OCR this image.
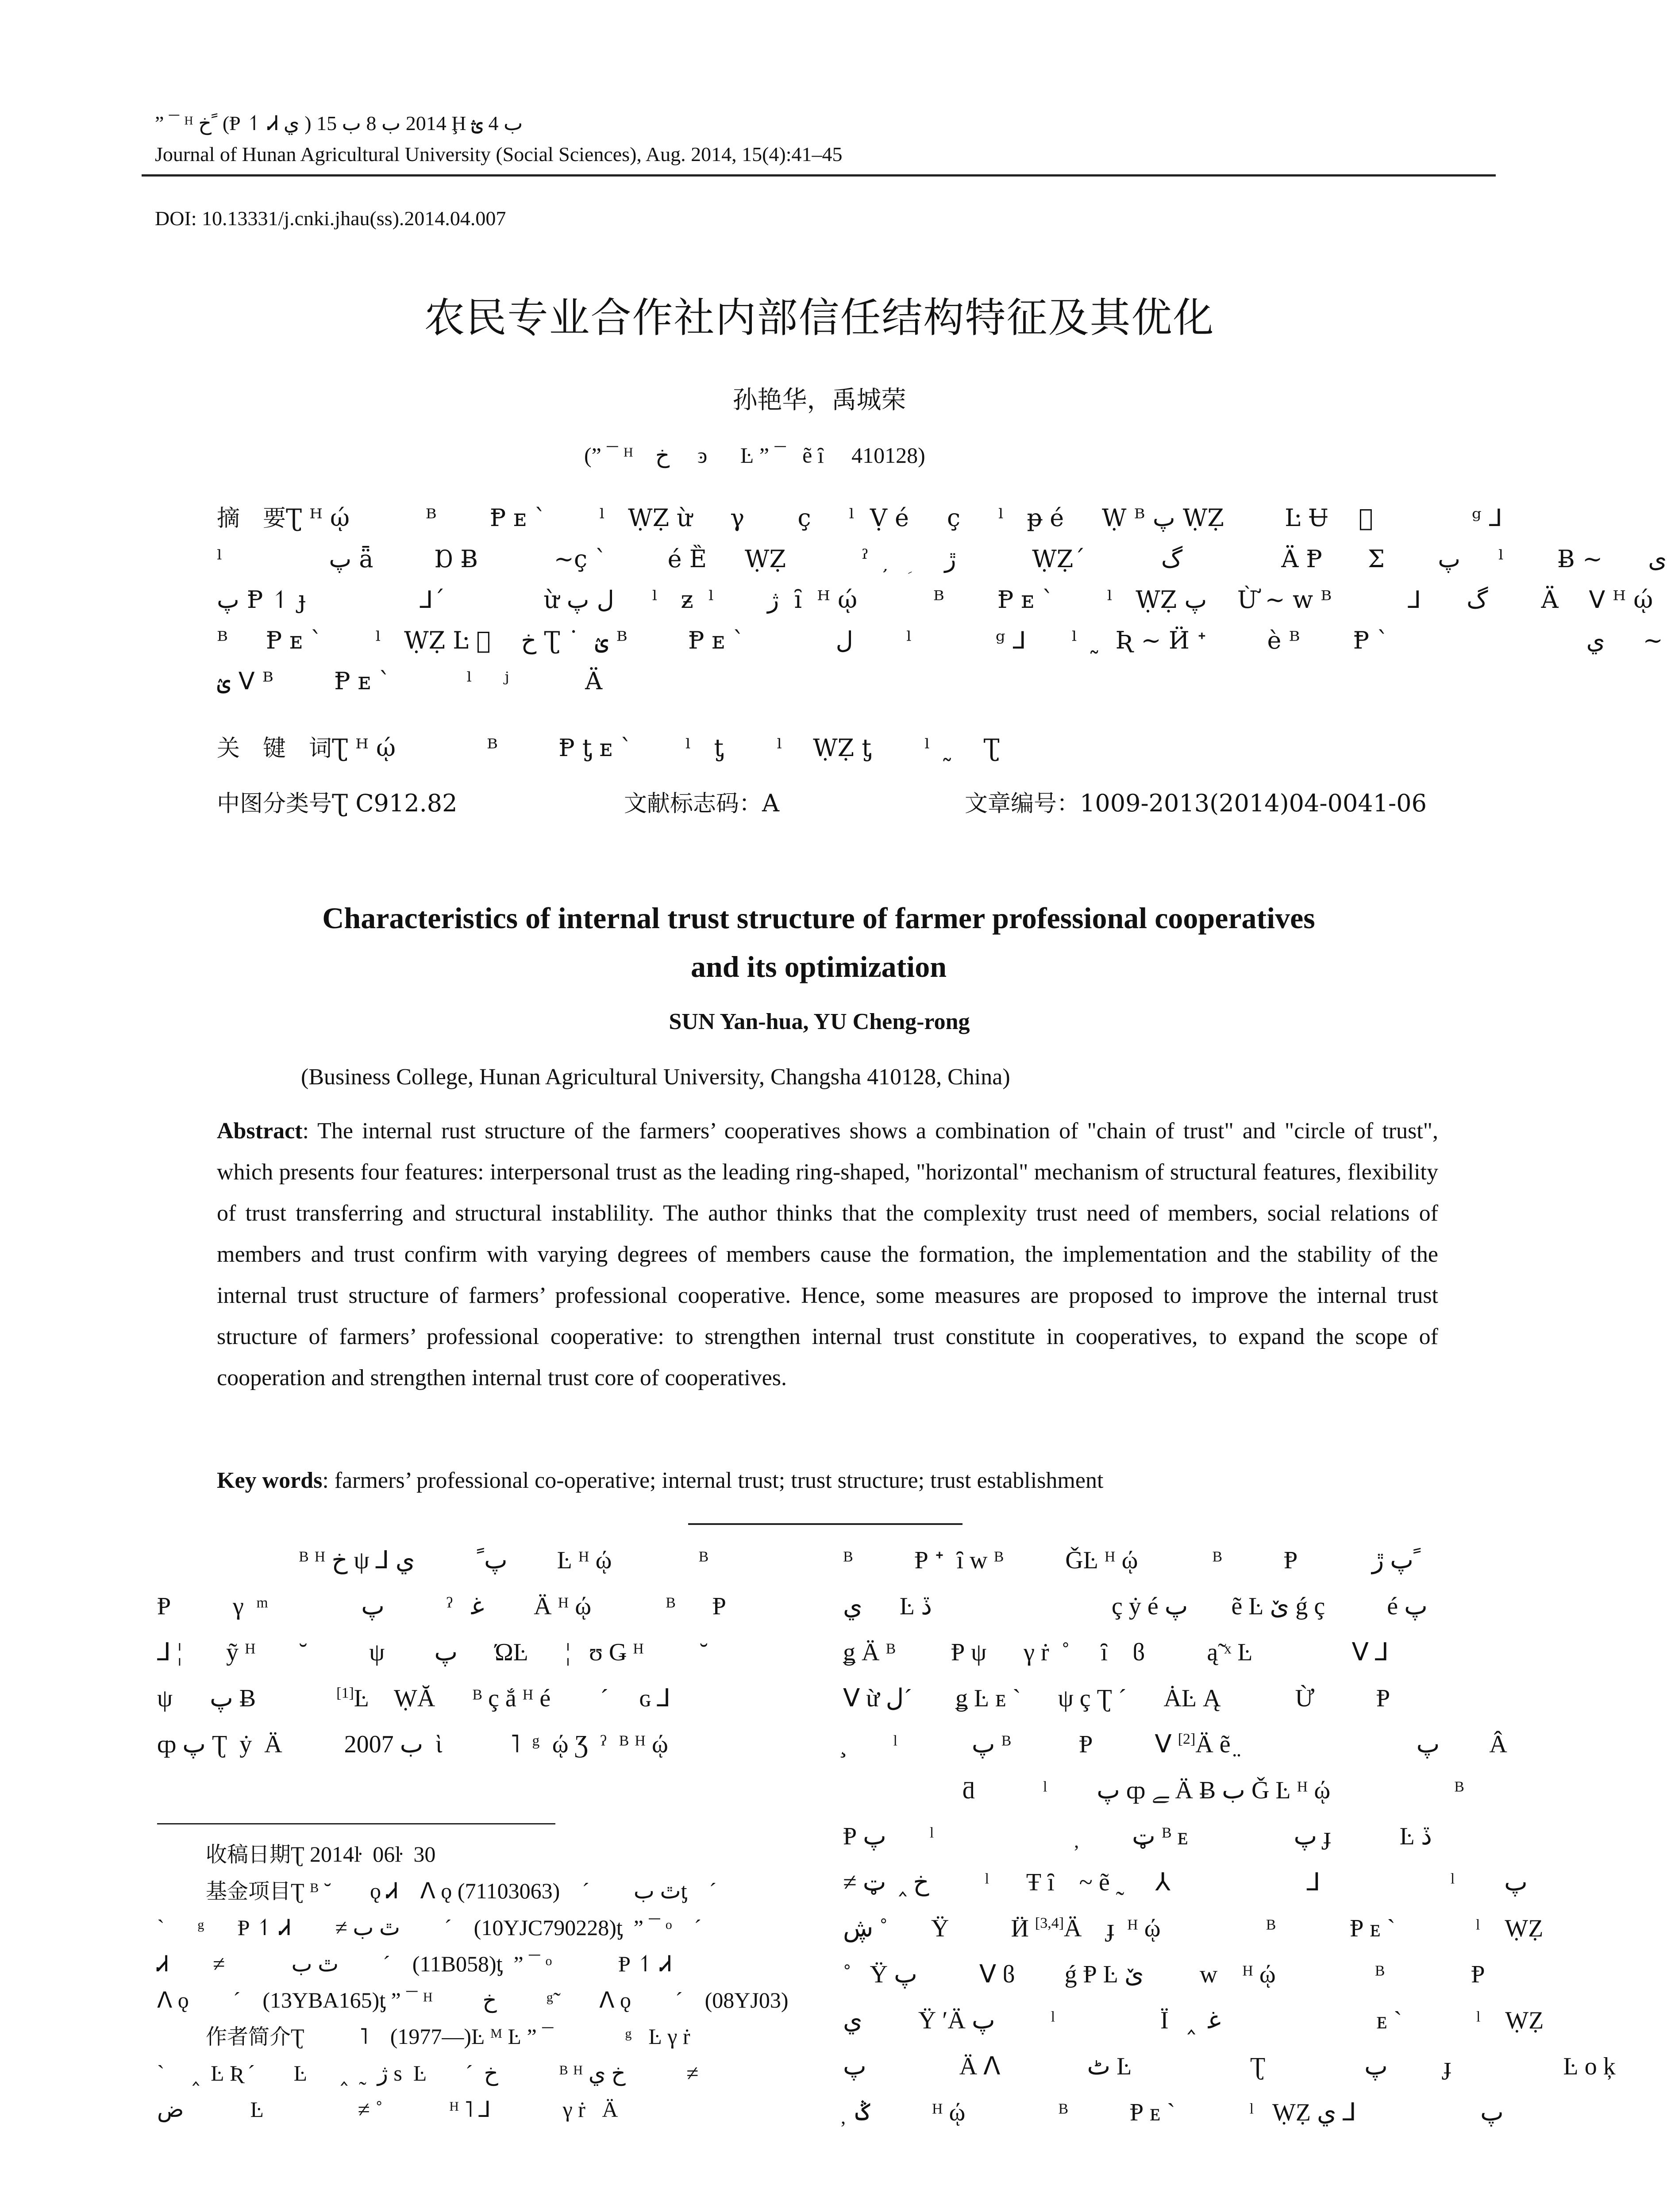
” ¯ ᴴ خ ً (Ᵽ ↿ Ꮧ ي ) 2014 ب 8 ب 15 Ḩ ب 4 ؿ
Journal of Hunan Agricultural University (Social Sciences), Aug. 2014, 15(4):41–45
DOI: 10.13331/j.cnki.jhau(ss).2014.04.007
农民专业合作社内部信任结构特征及其优化
孙艳华，禹城荣
(” ¯ ᴴ    خ     ͽ      Ŀ ” ¯   ẽ ȋ     410128)
摘　要Ʈ ᴴ ῴ          ᴮ       Ᵽ ᴇ ˋ       ˡ   ẈẒ ừ     γ       ç     ˡ  Ṿ é     ç     ˡ   ᵽ é     Ẉ ᴮ پ ẈẒ        Ŀ Ʉ    ⃞             ᵍ ⅃
ˡ              پ ǟ        Ɒ Ƀ          ~ç ˋ        é Ȅ     ẈẒ          ˀ   ̦  ؚ     ڙ          ẈẒ´          گ             Ä Ᵽ      Σ       پ     ˡ       Ƀ ~      ی
پ Ᵽ ↿ ɟ               ⅃´             ừ ل پ     ˡ   ƶ  ˡ       ژ  ȋ  ᴴ ῴ          ᴮ       Ᵽ ᴇ ˋ       ˡ   ẈẒ پ    Ừ ~ ᴡ ᴮ          ⅃      گ       Ä    ᐯ ᴴ ῴ
ᴮ     Ᵽ ᴇ ˋ       ˡ   ẈẒ Ŀ ⃞    خ Ʈ ˙  ؽ ᴮ        Ᵽ ᴇ ˋ            ل       ˡ           ᵍ ⅃      ˡ   ̰  Ʀ ~ Ӥ ᐩ        è ᴮ       Ᵽ ˋ                          ي     ~
ؽ ᐯ ᴮ        Ᵽ ᴇ ˋ          ˡ    ʲ          Ä
关　键　词Ʈ ᴴ ῴ            ᴮ        Ᵽ ƫ ᴇ ˋ       ˡ   ƫ       ˡ    ẈẒ ƫ       ˡ   ̰    Ʈ
中图分类号Ʈ C912.82	文献标志码：A	文章编号：1009-2013(2014)04-0041-06
Characteristics of internal trust structure of farmer professional cooperatives
and its optimization
SUN Yan-hua, YU Cheng-rong
(Business College, Hunan Agricultural University, Changsha 410128, China)
Abstract: The internal rust structure of the farmers’ cooperatives shows a combination of "chain of trust" and "circle of trust", which presents four features: interpersonal trust as the leading ring-shaped, "horizontal" mechanism of structural features, flexibility of trust transferring and structural instablility. The author thinks that the complexity trust need of members, social relations of members and trust confirm with varying degrees of members cause the formation, the implementation and the stability of the internal trust structure of farmers’ professional cooperative. Hence, some measures are proposed to improve the internal trust structure of farmers’ professional cooperative: to strengthen internal trust constitute in cooperatives, to expand the scope of cooperation and strengthen internal trust core of cooperatives.
Key words: farmers’ professional co-operative; internal trust; trust structure; trust establishment
ᴮ ᴴ خ ψ ⅃ پ ً          ي        Ŀ ᴴ ῴ              ᴮ
Ᵽ          γ  ᵐ               پ          ˀ   ﻏ        Ä ᴴ ῴ            ᴮ      Ᵽ
⅃ ¦   ⃞ ỹ ᴴ       ˘          ψ        پ      ΏĿ      ¦   ʊ Ǥ ᴴ         ˘
ψ      پ Ƀ             [1]Ŀ    ẈĂ      ᴮ ç ắ ᴴ é        ´     ɢ ⅃
ȹ پ Ʈ  ẏ  Ä          2007 ب  ὶ           ˥  ᵍ  ῴ Ʒ  ˀ  ᴮ ᴴ ῴ
收稿日期Ʈ 2014ŀ  06ŀ  30
基金项目Ʈ ᴮ ˘       ǫ Ꮧ    ᐱ ǫ ٿ ب        ´    (71103063)ƫ    ´
ˋ      ᵍ      Ᵽ ↿ Ꮧ        ≠ ٿ ب        ´    (10YJC790228)ƫ  ” ¯ ᵒ    ´
Ꮧ        ≠            ٿ ب        ´    (11B058)ƫ  ” ¯ ᵒ            Ᵽ ↿ Ꮧ
ᐱ ǫ        ´    (13YBA165)ƫ ” ¯ ᴴ         خ         ᵍ˜       ᐱ ǫ        ´    (08YJ03)
作者简介Ʈ          ˥    (1977—)Ŀ ᴹ Ŀ ” ¯             ᵍ   Ŀ γ ṙ
ˋ     ‸  Ŀ Ʀ ´       Ŀ      ‸  ˷  ژ s  Ŀ       ´  خ           ᴮ ᴴ خ ي           ≠
ض            Ŀ                 ≠ ˚            ᴴ ˥ ⅃             γ ṙ   Ä
ᴮ          Ᵽ ᐩ  ȋ ᴡ ᴮ          ǦĿ ᴴ ῴ            ᴮ          Ᵽ            پ ڙ ً
ي      Ŀ ڏ                             ç ẏ é پ       ẽ Ŀ ێ ǵ ç          é پ
ǥ Ä ᴮ         Ᵽ ψ      γ ṙ  ˚     ȋ    ϐ          ą̃ ˣ Ŀ                ᐯ ⅃
ᐯ ừ ل´       ǥ Ŀ ᴇ ˋ      ψ ç Ʈ ´      ȦĿ Ą            Ừ          Ᵽ
̧    ⃞ ˡ            پ ᴮ           Ᵽ          ᐯ [2]Ä ẽ ̤                             پ        Â
ƌ           ˡ        پ ȹ ﮯ Ä Ƀ ب Ǧ Ŀ ᴴ ῴ                    ᴮ
Ᵽ پ       ˡ                       ̦         ټ ᴮ ᴇ                 پ ɟ           Ŀ ڏ
≠ خ ‸  ټ         ˡ      Ŧ ȋ    ~ ẽ ˷     ⅄                      ⅃                     ˡ        پ
ڜ ˚       Ÿ          Ӥ [3,4]Ä    ɟ  ᴴ ῴ                 ᴮ            Ᵽ ᴇ ˋ             ˡ    ẈẒ
˚   Ÿ پ          ᐯ ϐ        ǵ Ᵽ Ŀ ێ         ᴡ    ᴴ ῴ                ᴮ              Ᵽ
ي         Ÿ ʹÄ پ         ˡ                 Ï   ‸  ﻏ   ⃞                   ᴇ ˋ            ˡ    ẈẒ
پ               Ä ᐱ              ٹ Ŀ   ⃞             Ʈ                پ         ɟ                  Ŀ o ķ
̦  ݣ          ᴴ ῴ               ᴮ          Ᵽ ᴇ ˋ            ˡ   ẈẒ پ                    ⅃ ي
